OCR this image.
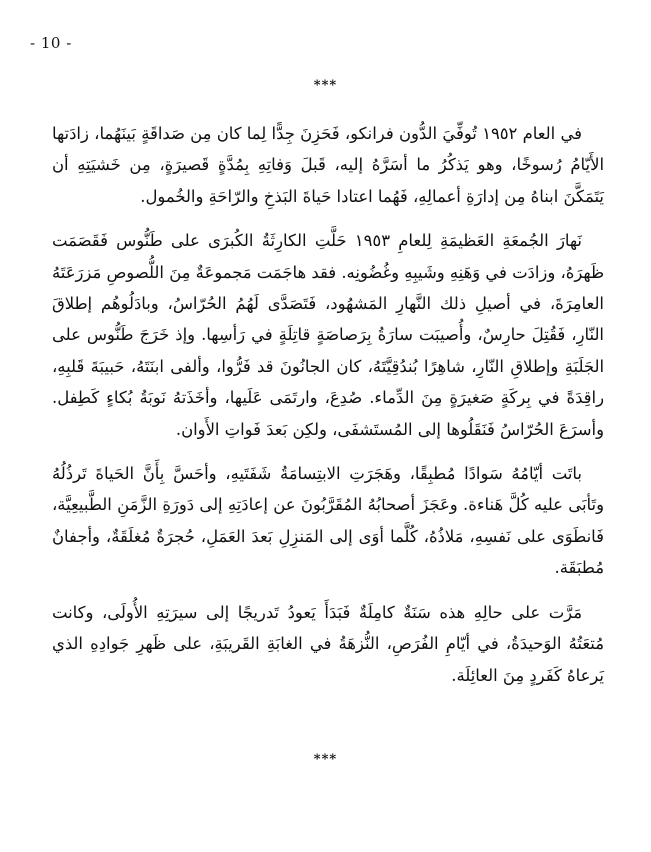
- 10 -
***

في العام ١٩٥٢ تُوفِّيَ الدُّون فرانكو، فَحَزِنَ جِدًّا لِما كان مِن صَداقَةٍ بَينَهُما، زادَتها الأَيّامُ رُسوخًا، وهو يَذكُرُ ما أسَرَّهُ إليه، قَبلَ وَفاتِهِ بِمُدَّةٍ قَصيرَةٍ، مِن خَشيَتِهِ أن يَتَمَكَّنَ ابناهُ مِن إدارَةِ أعمالِهِ، فَهُما اعتادا حَياةَ البَذخِ والرّاحَةِ والخُمول.

نَهارَ الجُمعَةِ العَظيمَةِ لِلعامِ ١٩٥٣ حَلَّتِ الكارِثَةُ الكُبرَى على طَنُّوس فَقَصَمَت ظَهرَهُ، وزادَت في وَهَنِهِ وشَيبِهِ وغُضُونِه. فقد هاجَمَت مَجموعَةٌ مِنَ اللُّصوصِ مَزرَعَتَهُ العامِرَةَ، في أصيلِ ذلك النَّهارِ المَشهُود، فَتَصَدَّى لَهُمُ الحُرّاسُ، وبادَلُوهُم إطلاقَ النّارِ، فَقُتِلَ حارِسٌ، وأُصيبَت سارَةُ بِرَصاصَةٍ قاتِلَةٍ في رَأسِها. وإذ خَرَجَ طَنُّوس على الجَلَبَةِ وإطلاقِ النّارِ، شاهِرًا بُندُقِيَّتَهُ، كان الجانُونَ قد فَرُّوا، وألفى ابنَتَهُ، حَبيبَةَ قَلبِهِ، راقِدَةً في بِركَةٍ صَغيرَةٍ مِنَ الدِّماء. صُدِعَ، وارتَمَى عَلَيها، وأخَذَتهُ نَوبَةُ بُكاءٍ كَطِفل. وأسرَعَ الحُرّاسُ فَنَقَلُوها إلى المُستَشفَى، ولكِن بَعدَ فَواتِ الأَوان.

باتَت أيّامُهُ سَوادًا مُطبِقًا، وهَجَرَتِ الابتِسامَةُ شَفَتَيهِ، وأحَسَّ بِأَنَّ الحَياةَ تَرذُلُهُ وتَأبَى عليه كُلَّ هَناءة. وعَجَزَ أصحابُهُ المُقَرَّبُونَ عن إعادَتِهِ إلى دَورَةِ الزَّمَنِ الطَّبيعِيَّة، فَانطَوَى على نَفسِهِ، مَلاذُهُ، كُلَّما أوَى إلى المَنزِلِ بَعدَ العَمَلِ، حُجرَةٌ مُغلَقَةٌ، وأجفانٌ مُطبَقَة.

مَرَّت على حالِهِ هذه سَنَةٌ كامِلَةٌ فَبَدَأَ يَعودُ تَدريجًا إلى سيرَتِهِ الأُولَى، وكانت مُتعَتُهُ الوَحيدَةُ، في أيّامِ الفُرَصِ، النُّزهَةُ في الغابَةِ القَريبَةِ، على ظَهرِ جَوادِهِ الذي يَرعاهُ كَفَردٍ مِنَ العائِلَة.

***
